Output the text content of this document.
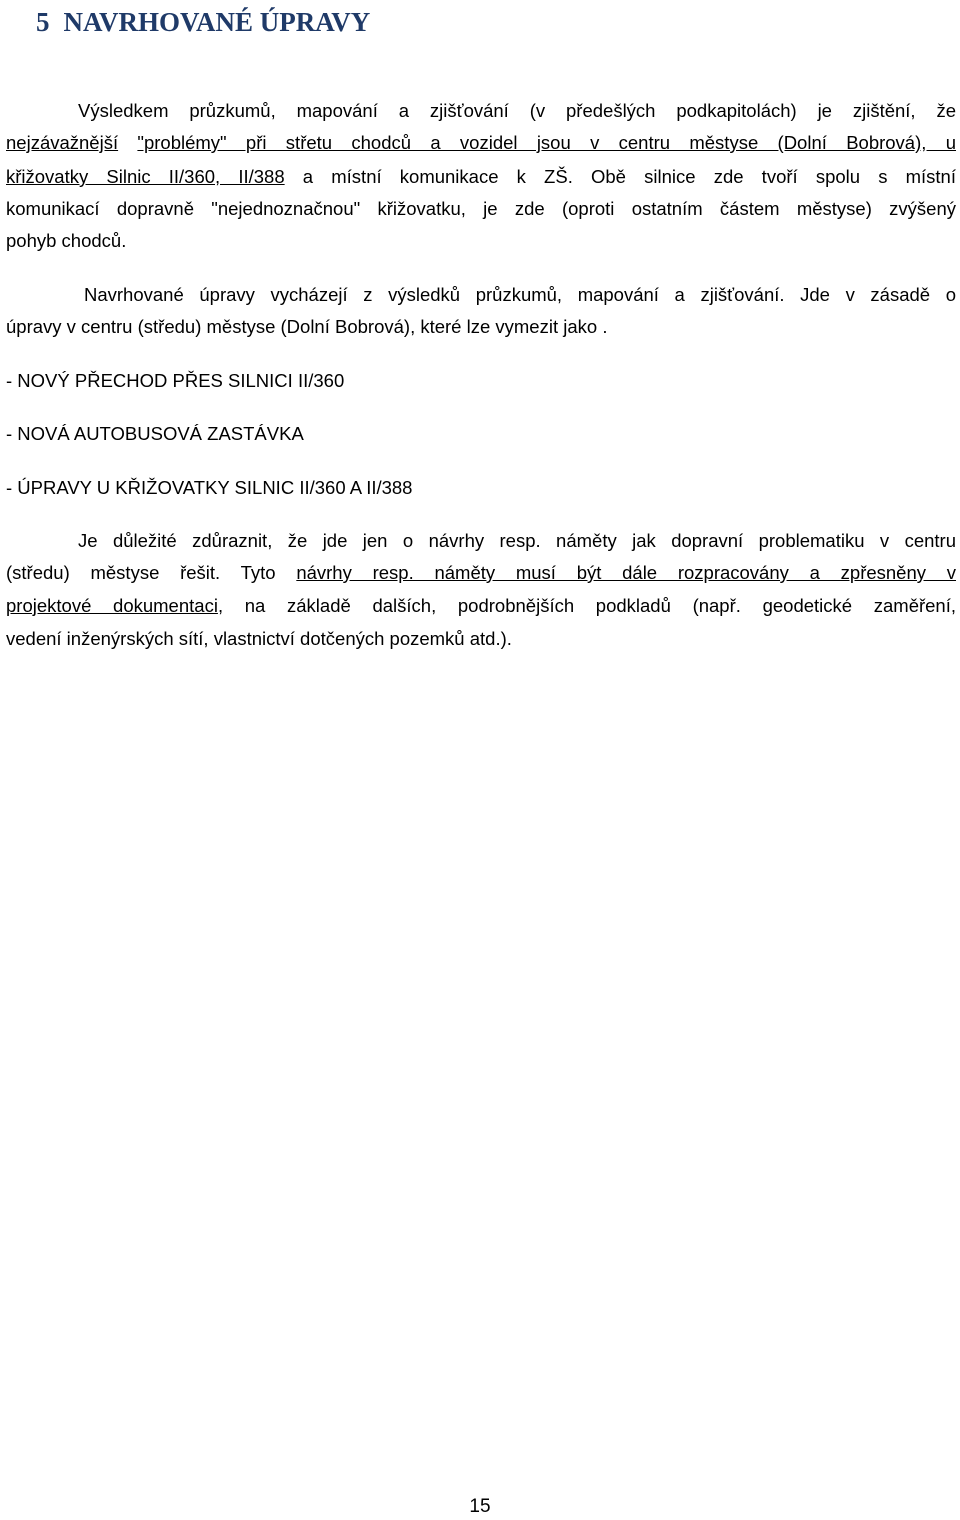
5 NAVRHOVANÉ ÚPRAVY
Výsledkem průzkumů, mapování a zjišťování (v předešlých podkapitolách) je zjištění, že
nejzávažnější "problémy" při střetu chodců a vozidel jsou v centru městyse (Dolní Bobrová), u
křižovatky Silnic II/360, II/388 a místní komunikace k ZŠ. Obě silnice zde tvoří spolu s místní
komunikací dopravně "nejednoznačnou" křižovatku, je zde (oproti ostatním částem městyse) zvýšený
pohyb chodců.
Navrhované úpravy vycházejí z výsledků průzkumů, mapování a zjišťování. Jde v zásadě o
úpravy v centru (středu) městyse (Dolní Bobrová), které lze vymezit jako .
- NOVÝ PŘECHOD PŘES SILNICI II/360
- NOVÁ AUTOBUSOVÁ ZASTÁVKA
- ÚPRAVY U KŘIŽOVATKY SILNIC II/360 A II/388
Je důležité zdůraznit, že jde jen o návrhy resp. náměty jak dopravní problematiku v centru
(středu) městyse řešit. Tyto návrhy resp. náměty musí být dále rozpracovány a zpřesněny v
projektové dokumentaci, na základě dalších, podrobnějších podkladů (např. geodetické zaměření,
vedení inženýrských sítí, vlastnictví dotčených pozemků atd.).
15
